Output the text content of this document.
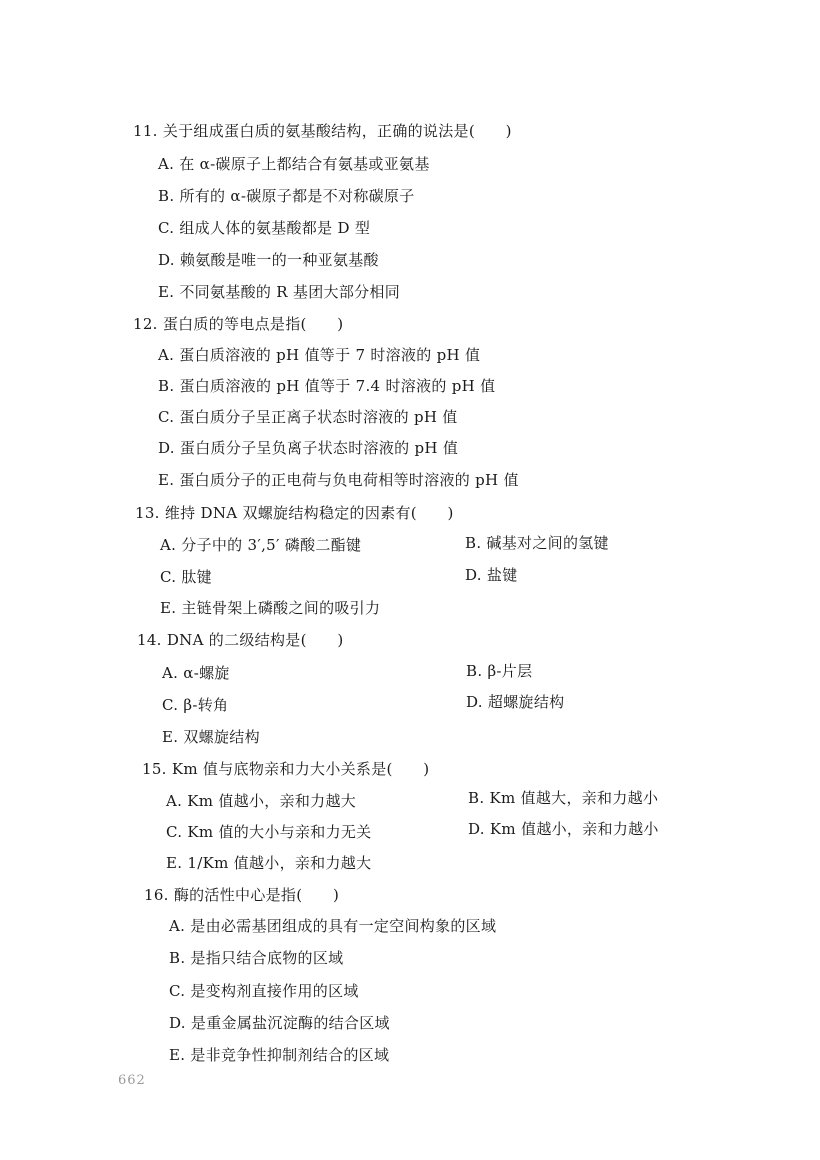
11. 关于组成蛋白质的氨基酸结构，正确的说法是(　　)
A. 在 α-碳原子上都结合有氨基或亚氨基
B. 所有的 α-碳原子都是不对称碳原子
C. 组成人体的氨基酸都是 D 型
D. 赖氨酸是唯一的一种亚氨基酸
E. 不同氨基酸的 R 基团大部分相同
12. 蛋白质的等电点是指(　　)
A. 蛋白质溶液的 pH 值等于 7 时溶液的 pH 值
B. 蛋白质溶液的 pH 值等于 7.4 时溶液的 pH 值
C. 蛋白质分子呈正离子状态时溶液的 pH 值
D. 蛋白质分子呈负离子状态时溶液的 pH 值
E. 蛋白质分子的正电荷与负电荷相等时溶液的 pH 值
13. 维持 DNA 双螺旋结构稳定的因素有(　　)
A. 分子中的 3′,5′ 磷酸二酯键	B. 碱基对之间的氢键
C. 肽键	D. 盐键
E. 主链骨架上磷酸之间的吸引力
14. DNA 的二级结构是(　　)
A. α-螺旋	B. β-片层
C. β-转角	D. 超螺旋结构
E. 双螺旋结构
15. Km 值与底物亲和力大小关系是(　　)
A. Km 值越小，亲和力越大	B. Km 值越大，亲和力越小
C. Km 值的大小与亲和力无关	D. Km 值越小，亲和力越小
E. 1/Km 值越小，亲和力越大
16. 酶的活性中心是指(　　)
A. 是由必需基团组成的具有一定空间构象的区域
B. 是指只结合底物的区域
C. 是变构剂直接作用的区域
D. 是重金属盐沉淀酶的结合区域
E. 是非竞争性抑制剂结合的区域
662
